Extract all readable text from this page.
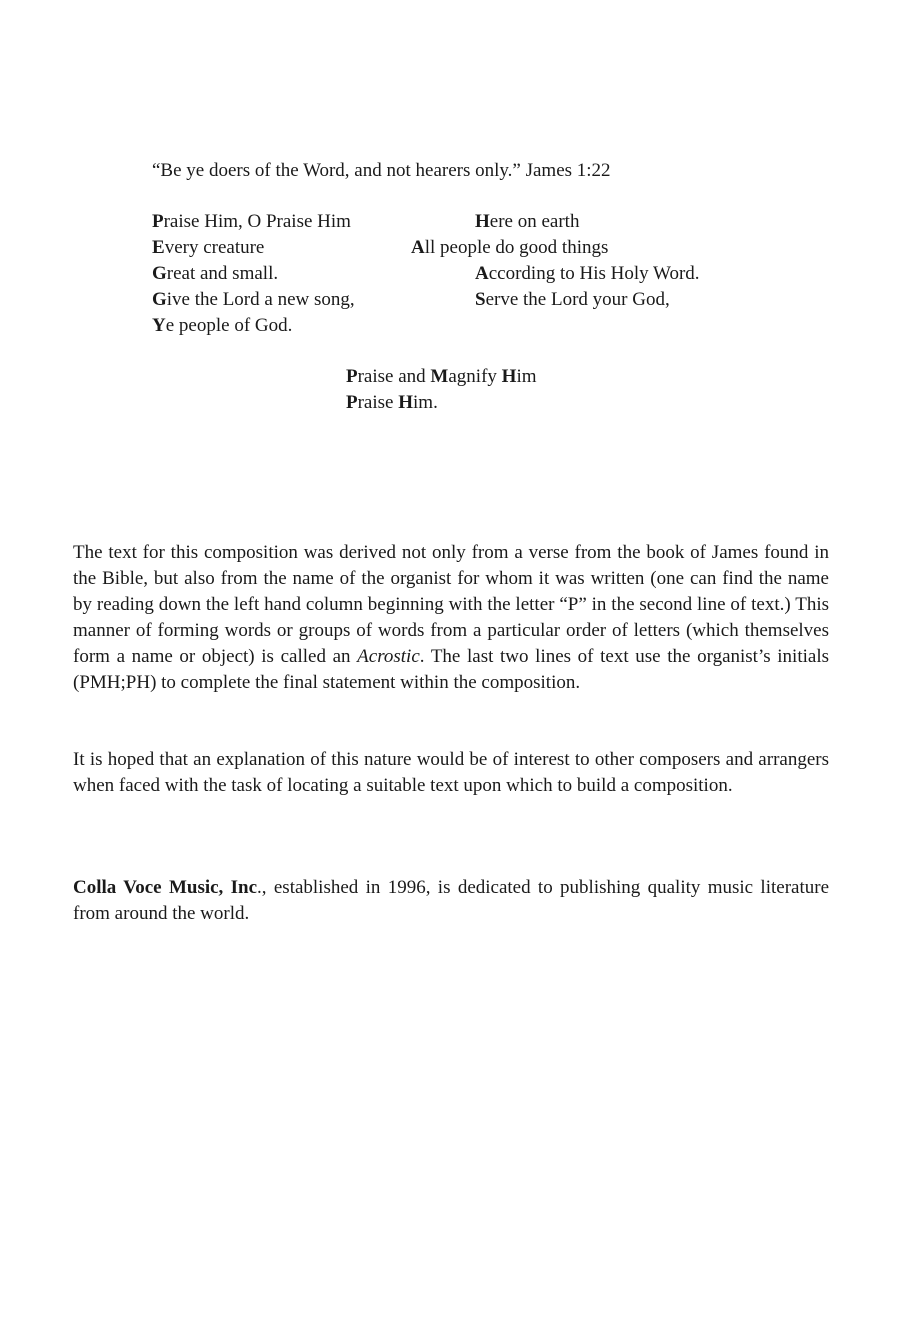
“Be ye doers of the Word, and not hearers only.” James 1:22
Praise Him, O Praise Him
Every creature
Great and small.
Give the Lord a new song,
Ye people of God.
Here on earth
All people do good things
According to His Holy Word.
Serve the Lord your God,
Praise and Magnify Him
Praise Him.

The text for this composition was derived not only from a verse from the book of James found in the Bible, but also from the name of the organist for whom it was written (one can find the name by reading down the left hand column beginning with the letter “P” in the second line of text.) This manner of forming words or groups of words from a particular order of letters (which themselves form a name or object) is called an Acrostic. The last two lines of text use the organist’s initials (PMH;PH) to complete the final statement within the composition.

It is hoped that an explanation of this nature would be of interest to other composers and arrangers when faced with the task of locating a suitable text upon which to build a composition.

Colla Voce Music, Inc., established in 1996, is dedicated to publishing quality music literature from around the world.
